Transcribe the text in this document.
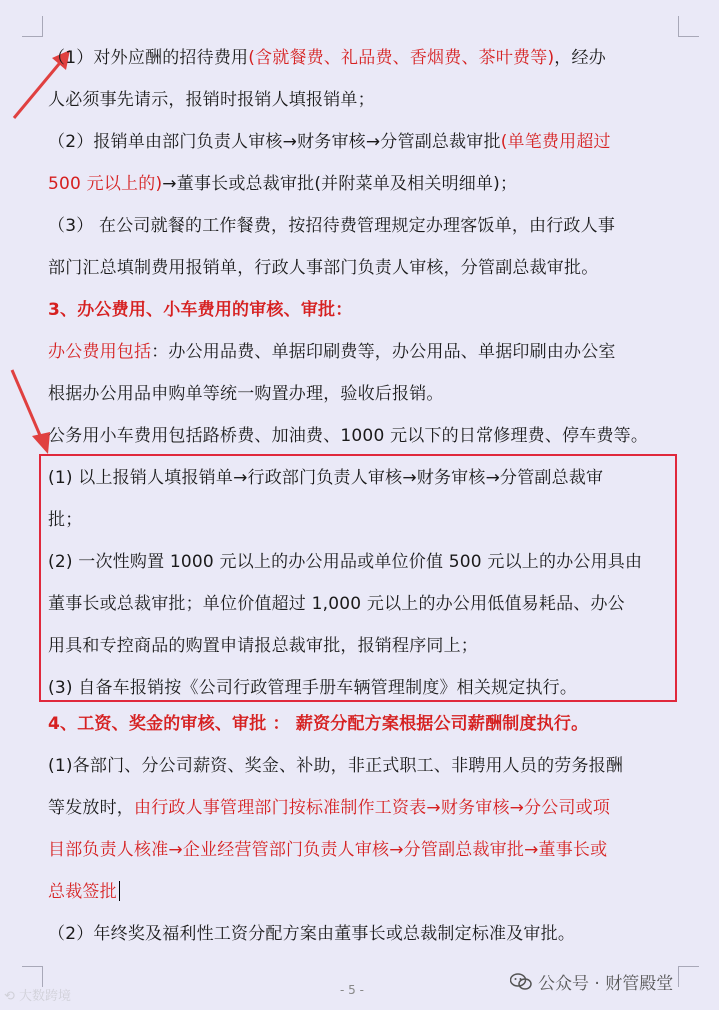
（1）对外应酬的招待费用(含就餐费、礼品费、香烟费、茶叶费等)，经办
人必须事先请示，报销时报销人填报销单；
（2）报销单由部门负责人审核→财务审核→分管副总裁审批(单笔费用超过
500 元以上的)→董事长或总裁审批(并附菜单及相关明细单)；
（3） 在公司就餐的工作餐费，按招待费管理规定办理客饭单，由行政人事
部门汇总填制费用报销单，行政人事部门负责人审核，分管副总裁审批。
3、办公费用、小车费用的审核、审批：
办公费用包括：办公用品费、单据印刷费等，办公用品、单据印刷由办公室
根据办公用品申购单等统一购置办理，验收后报销。
公务用小车费用包括路桥费、加油费、1000 元以下的日常修理费、停车费等。
(1) 以上报销人填报销单→行政部门负责人审核→财务审核→分管副总裁审
批；
(2) 一次性购置 1000 元以上的办公用品或单位价值 500 元以上的办公用具由
董事长或总裁审批；单位价值超过 1,000 元以上的办公用低值易耗品、办公
用具和专控商品的购置申请报总裁审批，报销程序同上；
(3) 自备车报销按《公司行政管理手册车辆管理制度》相关规定执行。
4、工资、奖金的审核、审批 ： 薪资分配方案根据公司薪酬制度执行。
(1)各部门、分公司薪资、奖金、补助，非正式职工、非聘用人员的劳务报酬
等发放时，由行政人事管理部门按标准制作工资表→财务审核→分公司或项
目部负责人核准→企业经营管部门负责人审核→分管副总裁审批→董事长或
总裁签批
（2）年终奖及福利性工资分配方案由董事长或总裁制定标准及审批。
- 5 -
⟲ 大数跨境
公众号 · 财管殿堂
